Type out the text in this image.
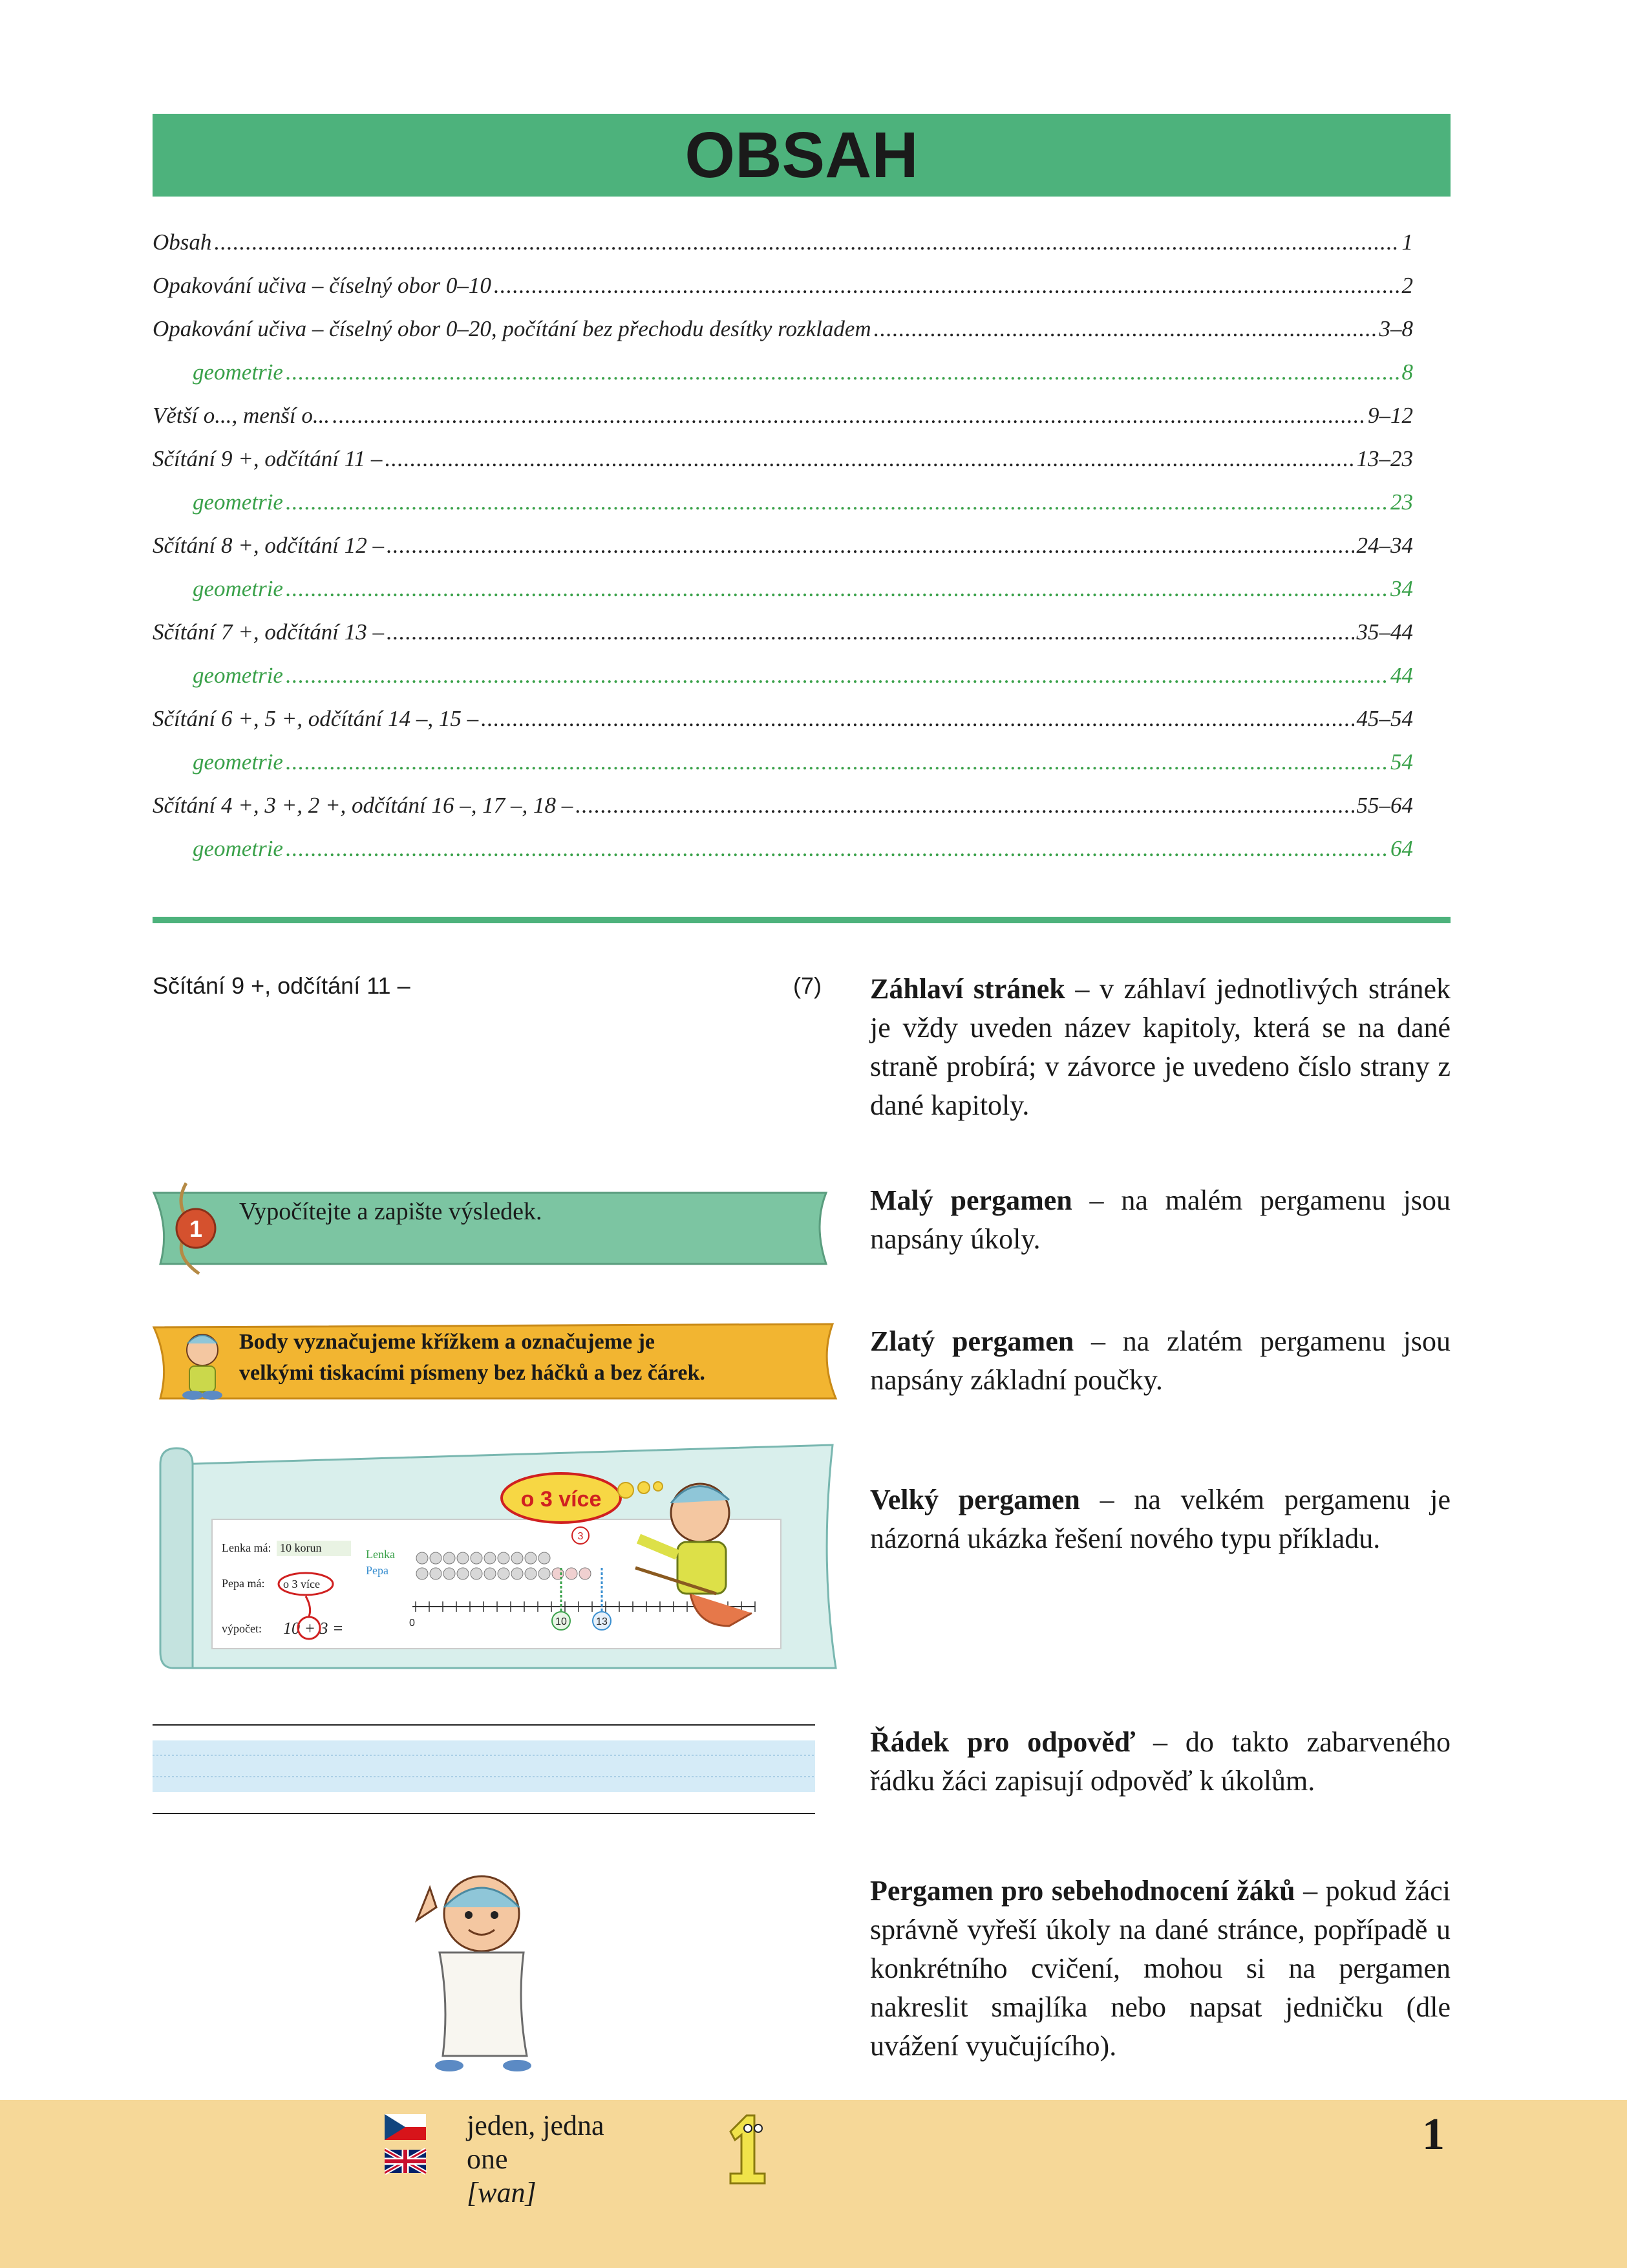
OBSAH
Obsah .....	1
Opakování učiva – číselný obor 0–10 .....	2
Opakování učiva – číselný obor 0–20, počítání bez přechodu desítky rozkladem .....	3–8
geometrie .....	8
Větší o..., menší o... .....	9–12
Sčítání 9 +, odčítání 11 – .....	13–23
geometrie .....	23
Sčítání 8 +, odčítání 12 – .....	24–34
geometrie .....	34
Sčítání 7 +, odčítání 13 – .....	35–44
geometrie .....	44
Sčítání 6 +, 5 +, odčítání 14 –, 15 – .....	45–54
geometrie .....	54
Sčítání 4 +, 3 +, 2 +, odčítání 16 –, 17 –, 18 – .....	55–64
geometrie .....	64
Sčítání 9 +, odčítání 11 –	(7)
1
Vypočítejte a zapište výsledek.
Body vyznačujeme křížkem a označujeme je
velkými tiskacími písmeny bez háčků a bez čárek.
Lenka má: 10 korun
Pepa má: o 3 více
výpočet: 10 + 3 =
Lenka
Pepa
0	10	13
3
o 3 více
Záhlaví stránek – v záhlaví jednotlivých stránek je vždy uveden název kapitoly, která se na dané straně probírá; v závorce je uvedeno číslo strany z dané kapitoly.
Malý pergamen – na malém pergamenu jsou napsány úkoly.
Zlatý pergamen – na zlatém pergamenu jsou napsány základní poučky.
Velký pergamen – na velkém pergamenu je názorná ukázka řešení nového typu příkladu.
Řádek pro odpověď – do takto zabarveného řádku žáci zapisují odpověď k úkolům.
Pergamen pro sebehodnocení žáků – pokud žáci správně vyřeší úkoly na dané stránce, popřípadě u konkrétního cvičení, mohou si na pergamen nakreslit smajlíka nebo napsat jedničku (dle uvážení vyučujícího).
jeden, jedna
one
[wan]
1
